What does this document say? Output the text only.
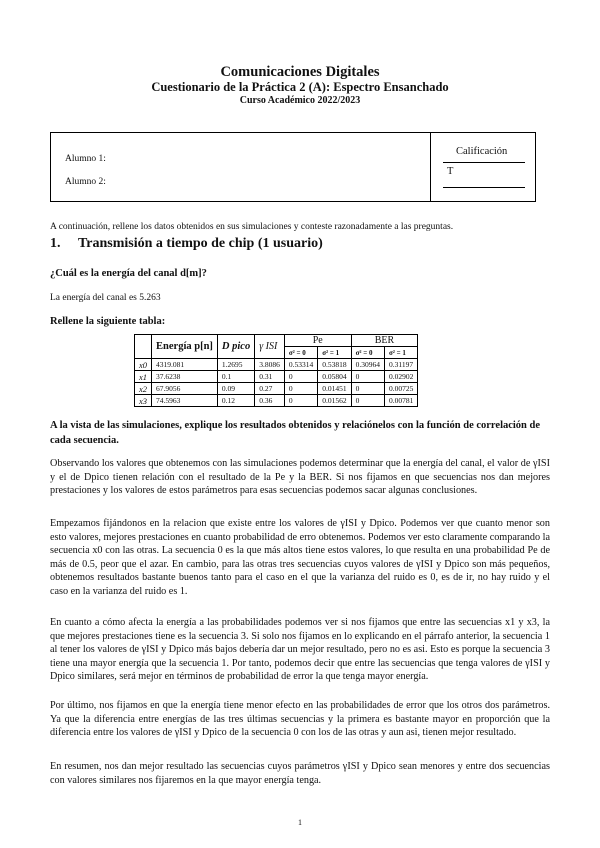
Comunicaciones Digitales
Cuestionario de la Práctica 2 (A): Espectro Ensanchado
Curso Académico 2022/2023
Alumno 1:
Alumno 2:
Calificación
T
A continuación, rellene los datos obtenidos en sus simulaciones y conteste razonadamente a las preguntas.
1. Transmisión a tiempo de chip (1 usuario)
¿Cuál es la energía del canal d[m]?
La energía del canal es 5.263
Rellene la siguiente tabla:
	Energía p[n]	D pico	γ ISI	Pe		BER	
				σ² = 0	σ² = 1	σ² = 0	σ² = 1
x0	4319.081	1.2695	3.8086	0.53314	0.53818	0.30964	0.31197
x1	37.6238	0.1	0.31	0	0.05804	0	0.02902
x2	67.9056	0.09	0.27	0	0.01451	0	0.00725
x3	74.5963	0.12	0.36	0	0.01562	0	0.00781
A la vista de las simulaciones, explique los resultados obtenidos y relaciónelos con la función de correlación de cada secuencia.

Observando los valores que obtenemos con las simulaciones podemos determinar que la energía del canal, el valor de γISI y el de Dpico tienen relación con el resultado de la Pe y la BER. Si nos fijamos en que secuencias nos dan mejores prestaciones y los valores de estos parámetros para esas secuencias podemos sacar algunas conclusiones.

Empezamos fijándonos en la relacion que existe entre los valores de γISI y Dpico. Podemos ver que cuanto menor son esto valores, mejores prestaciones en cuanto probabilidad de erro obtenemos. Podemos ver esto claramente comparando la secuencia x0 con las otras. La secuencia 0 es la que más altos tiene estos valores, lo que resulta en una probabilidad Pe de más de 0.5, peor que el azar. En cambio, para las otras tres secuencias cuyos valores de γISI y Dpico son más pequeños, obtenemos resultados bastante buenos tanto para el caso en el que la varianza del ruido es 0, es de ir, no hay ruido y el caso en la varianza del ruido es 1.

En cuanto a cómo afecta la energía a las probabilidades podemos ver si nos fijamos que entre las secuencias x1 y x3, la que mejores prestaciones tiene es la secuencia 3. Si solo nos fijamos en lo explicando en el párrafo anterior, la secuencia 1 al tener los valores de γISI y Dpico más bajos debería dar un mejor resultado, pero no es asi. Esto es porque la secuencia 3 tiene una mayor energía que la secuencia 1. Por tanto, podemos decir que entre las secuencias que tenga valores de γISI y Dpico similares, será mejor en términos de probabilidad de error la que tenga mayor energía.

Por último, nos fijamos en que la energía tiene menor efecto en las probabilidades de error que los otros dos parámetros. Ya que la diferencia entre energías de las tres últimas secuencias y la primera es bastante mayor en proporción que la diferencia entre los valores de γISI y Dpico de la secuencia 0 con los de las otras y aun asi, tienen mejor resultado.

En resumen, nos dan mejor resultado las secuencias cuyos parámetros γISI y Dpico sean menores y entre dos secuencias con valores similares nos fijaremos en la que mayor energía tenga.

1
